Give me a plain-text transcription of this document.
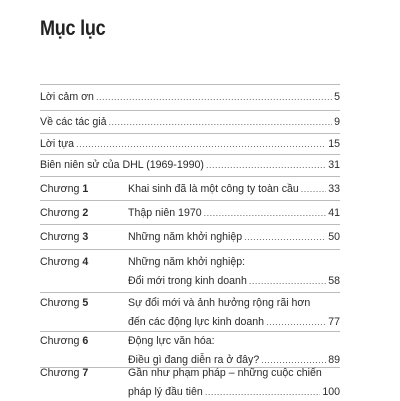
Mục lục
Lời cảm ơn .....	5
Về các tác giả .....	9
Lời tựa .....	15
Biên niên sử của DHL (1969-1990) .....	31
Chương 1	Khai sinh đã là một công ty toàn cầu .....	33
Chương 2	Thập niên 1970 .....	41
Chương 3	Những năm khởi nghiệp .....	50
Chương 4	Những năm khởi nghiệp:
Đổi mới trong kinh doanh .....	58
Chương 5	Sự đổi mới và ảnh hưởng rộng rãi hơn
đến các động lực kinh doanh .....	77
Chương 6	Động lực văn hóa:
Điều gì đang diễn ra ở đây? .....	89
Chương 7	Gần như phạm pháp – những cuộc chiến
pháp lý đầu tiên .....	100
